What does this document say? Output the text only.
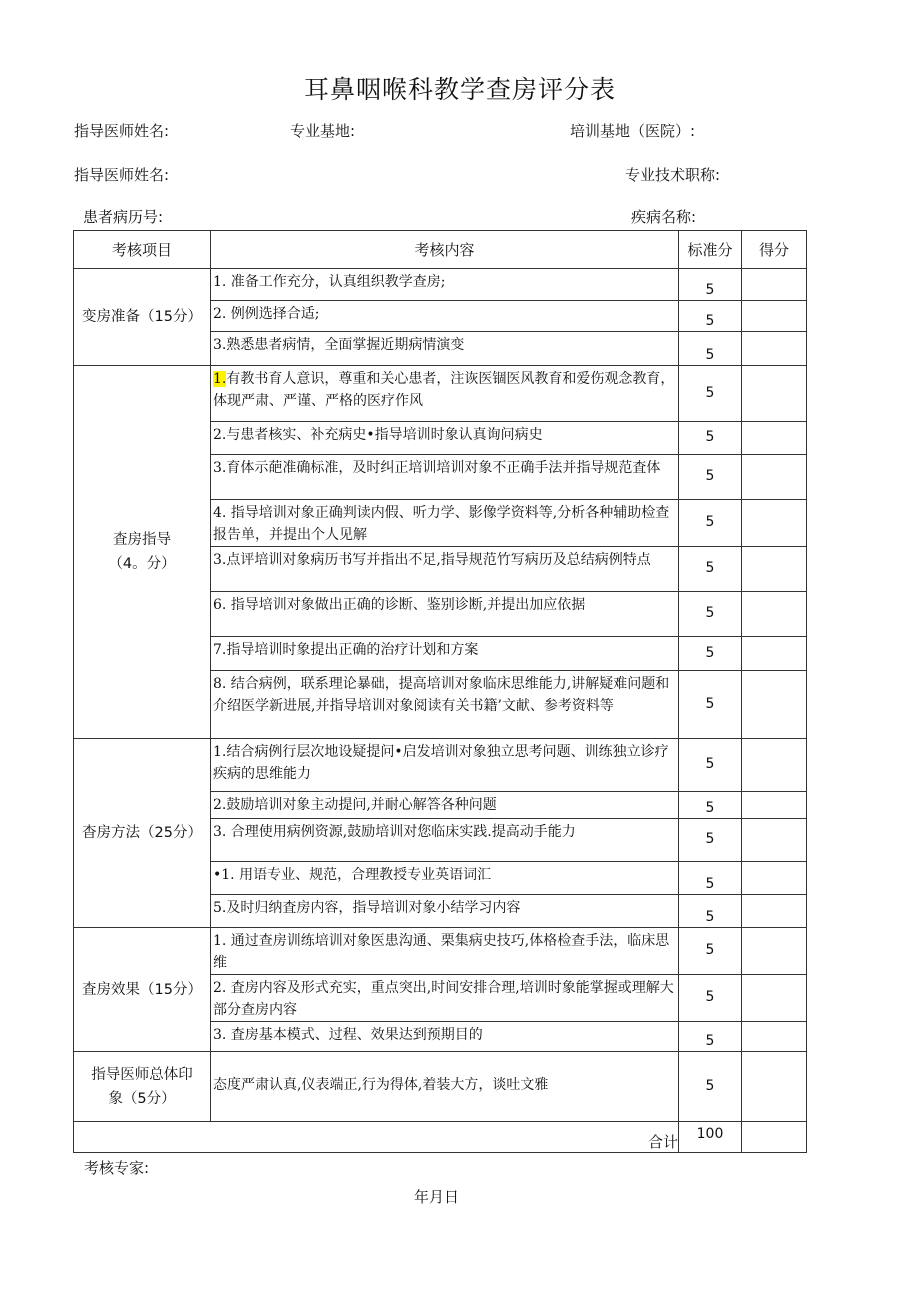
耳鼻咽喉科教学查房评分表
指导医师姓名:	专业基地:	培训基地（医院）:
指导医师姓名:	专业技术职称:
患者病历号:	疾病名称:
考核项目	考核内容	标准分	得分
变房准备（15分）	1. 准备工作充分，认真组织教学查房;	5	
	2. 例例选择合适;	5	
	3.熟悉患者病情，全面掌握近期病情演变	5	
査房指导（4。分）	1.有教书育人意识，尊重和关心患者，注诙医锢医风教育和爱伤观念教育，体现严肃、严谨、严格的医疗作风	5	
	2.与患者核实、补充病史•指导培训时象认真询问病史	5	
	3.育体示葩准确标准，及时纠正培训培训对象不正确手法并指导规范査体	5	
	4. 指导培训对象正确判读内假、听力学、影像学资料等,分析各种辅助检查报告单，并提出个人见解	5	
	3.点评培训对象病历书写并指出不足,指导规范竹写病历及总结病例特点	5	
	6. 指导培训对象做出正确的诊断、鉴别诊断,并提出加应依据	5	
	7.指导培训时象提出正确的治疗计划和方案	5	
	8. 结合病例，联系理论暴础，提高培训对象临床思维能力,讲解疑难问题和介绍医学新进展,并指导培训对象阅读有关书籍’文献、参考资料等	5	
杳房方法（25分）	1.结合病例行层次地设疑提问•启发培训对象独立思考问题、训练独立诊疗疾病的思维能力	5	
	2.鼓励培训对象主动提问,并耐心解答各种问题	5	
	3. 合理使用病例资源,鼓励培训对您临床实践.提高动手能力	5	
	•1. 用语专业、规范，合理教授专业英语词汇	5	
	5.及时归纳査房内容，指导培训对象小结学习内容	5	
査房效果（15分）	1. 通过查房训练培训对象医患沟通、栗集病史技巧,体格检查手法，临床思维	5	
	2. 査房内容及形式充实，重点突出,时间安排合理,培训时象能掌握或理解大部分查房内容	5	
	3. 査房基本模式、过程、效果达到预期目的	5	
指导医师总体印象（5分）	态度严肃认真,仪表端正,行为得体,着装大方，谈吐文雅	5	
合计		100	
考核专家:
年月日
